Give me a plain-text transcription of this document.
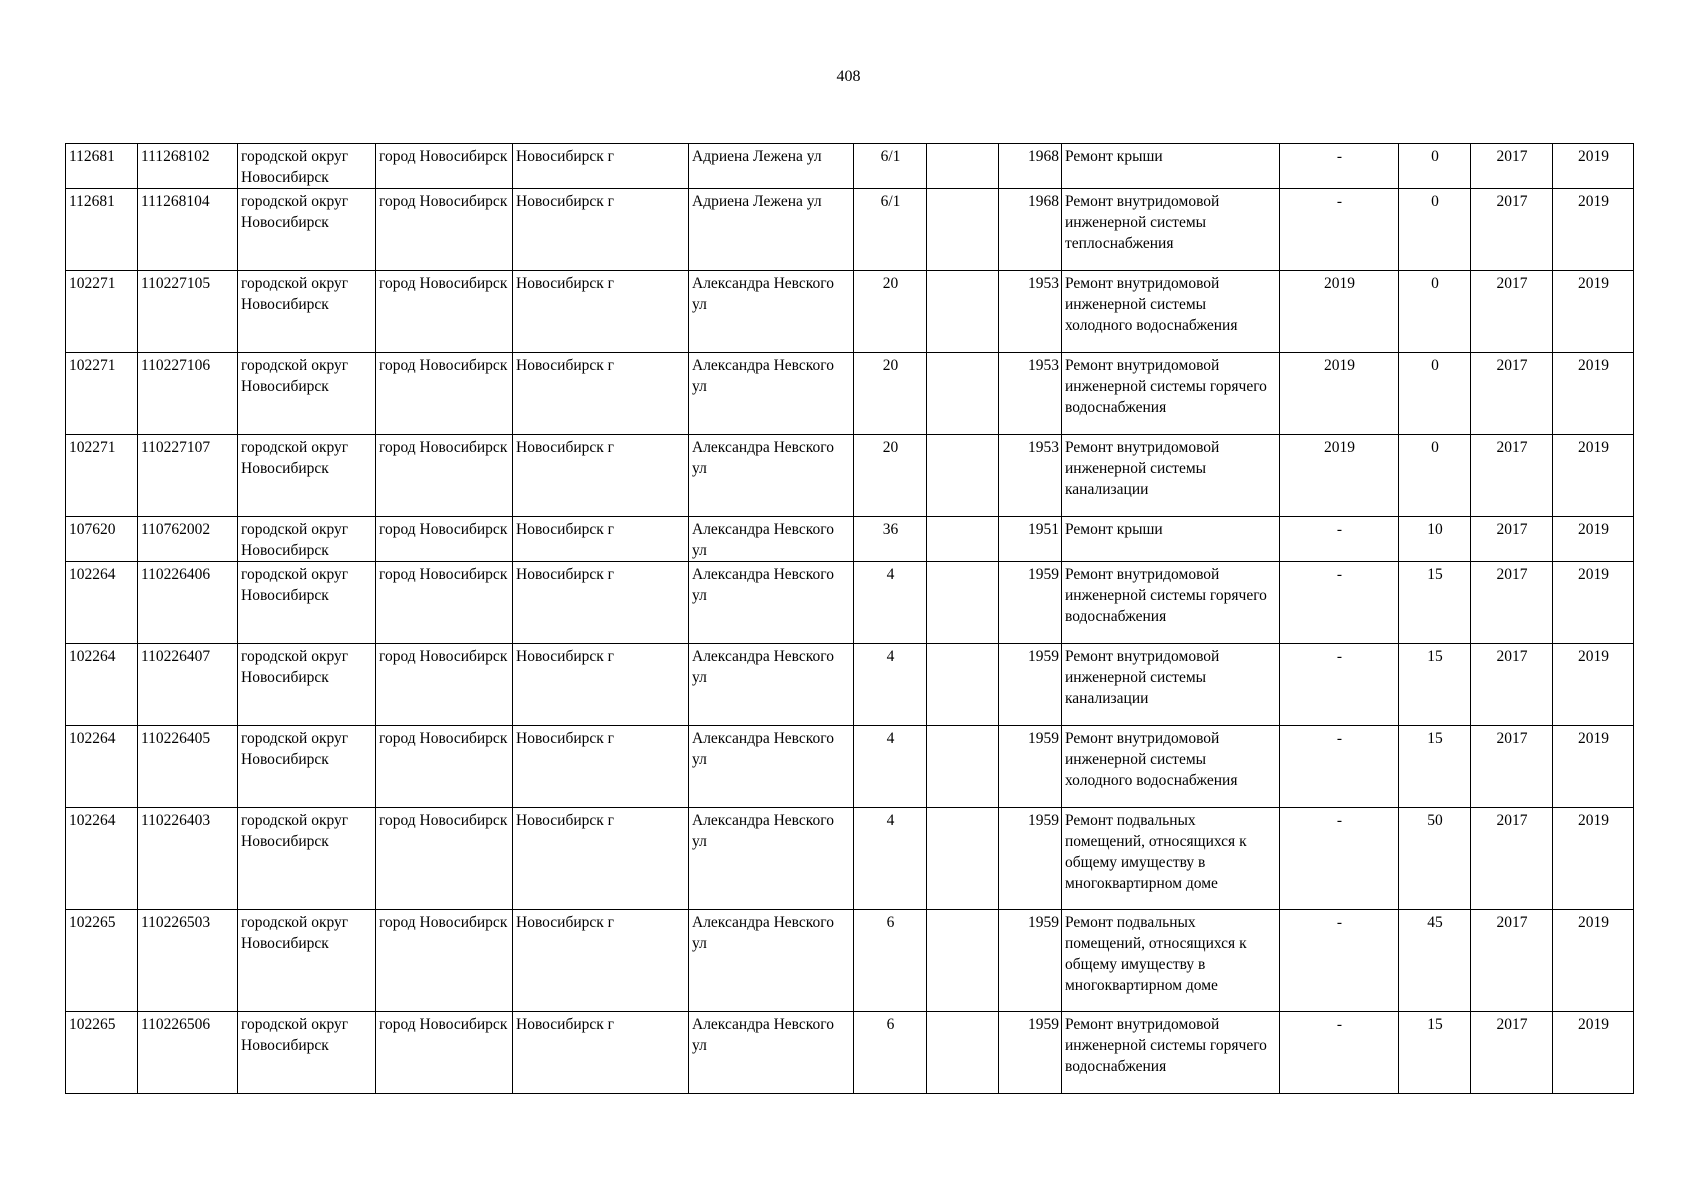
408
112681	111268102	городской округ Новосибирск	город Новосибирск	Новосибирск г	Адриена Лежена ул	6/1		1968	Ремонт крыши	-	0	2017	2019
112681	111268104	городской округ Новосибирск	город Новосибирск	Новосибирск г	Адриена Лежена ул	6/1		1968	Ремонт внутридомовой инженерной системы теплоснабжения	-	0	2017	2019
102271	110227105	городской округ Новосибирск	город Новосибирск	Новосибирск г	Александра Невского ул	20		1953	Ремонт внутридомовой инженерной системы холодного водоснабжения	2019	0	2017	2019
102271	110227106	городской округ Новосибирск	город Новосибирск	Новосибирск г	Александра Невского ул	20		1953	Ремонт внутридомовой инженерной системы горячего водоснабжения	2019	0	2017	2019
102271	110227107	городской округ Новосибирск	город Новосибирск	Новосибирск г	Александра Невского ул	20		1953	Ремонт внутридомовой инженерной системы канализации	2019	0	2017	2019
107620	110762002	городской округ Новосибирск	город Новосибирск	Новосибирск г	Александра Невского ул	36		1951	Ремонт крыши	-	10	2017	2019
102264	110226406	городской округ Новосибирск	город Новосибирск	Новосибирск г	Александра Невского ул	4		1959	Ремонт внутридомовой инженерной системы горячего водоснабжения	-	15	2017	2019
102264	110226407	городской округ Новосибирск	город Новосибирск	Новосибирск г	Александра Невского ул	4		1959	Ремонт внутридомовой инженерной системы канализации	-	15	2017	2019
102264	110226405	городской округ Новосибирск	город Новосибирск	Новосибирск г	Александра Невского ул	4		1959	Ремонт внутридомовой инженерной системы холодного водоснабжения	-	15	2017	2019
102264	110226403	городской округ Новосибирск	город Новосибирск	Новосибирск г	Александра Невского ул	4		1959	Ремонт подвальных помещений, относящихся к общему имуществу в многоквартирном доме	-	50	2017	2019
102265	110226503	городской округ Новосибирск	город Новосибирск	Новосибирск г	Александра Невского ул	6		1959	Ремонт подвальных помещений, относящихся к общему имуществу в многоквартирном доме	-	45	2017	2019
102265	110226506	городской округ Новосибирск	город Новосибирск	Новосибирск г	Александра Невского ул	6		1959	Ремонт внутридомовой инженерной системы горячего водоснабжения	-	15	2017	2019
